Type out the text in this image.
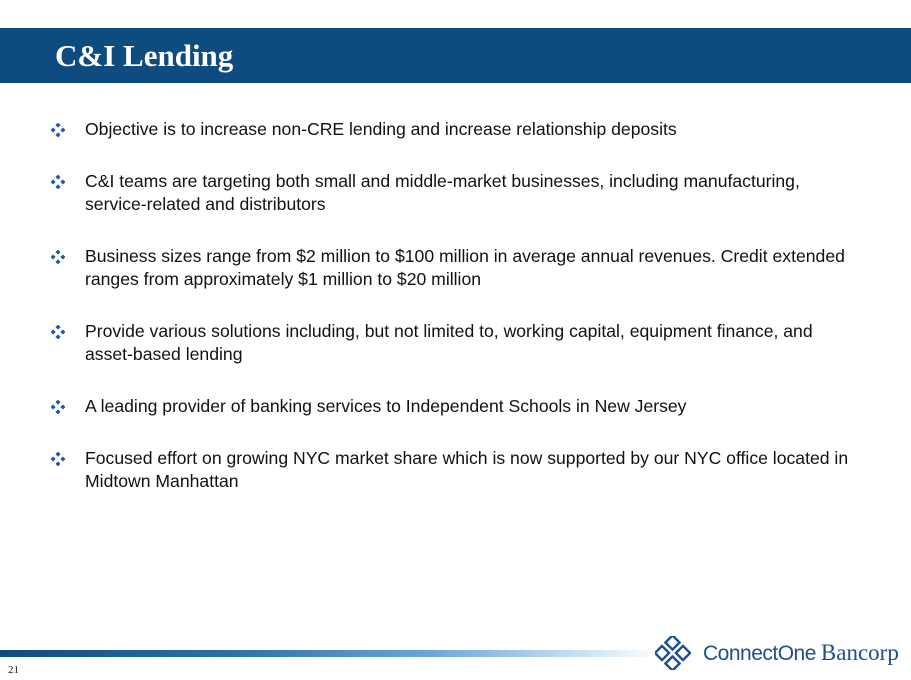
C&I Lending
Objective is to increase non-CRE lending and increase relationship deposits
C&I teams are targeting both small and middle-market businesses, including manufacturing, service-related and distributors
Business sizes range from $2 million to $100 million in average annual revenues. Credit extended ranges from approximately $1 million to $20 million
Provide various solutions including, but not limited to, working capital, equipment finance, and asset-based lending
A leading provider of banking services to Independent Schools in New Jersey
Focused effort on growing NYC market share which is now supported by our NYC office located in Midtown Manhattan
21
ConnectOne Bancorp
